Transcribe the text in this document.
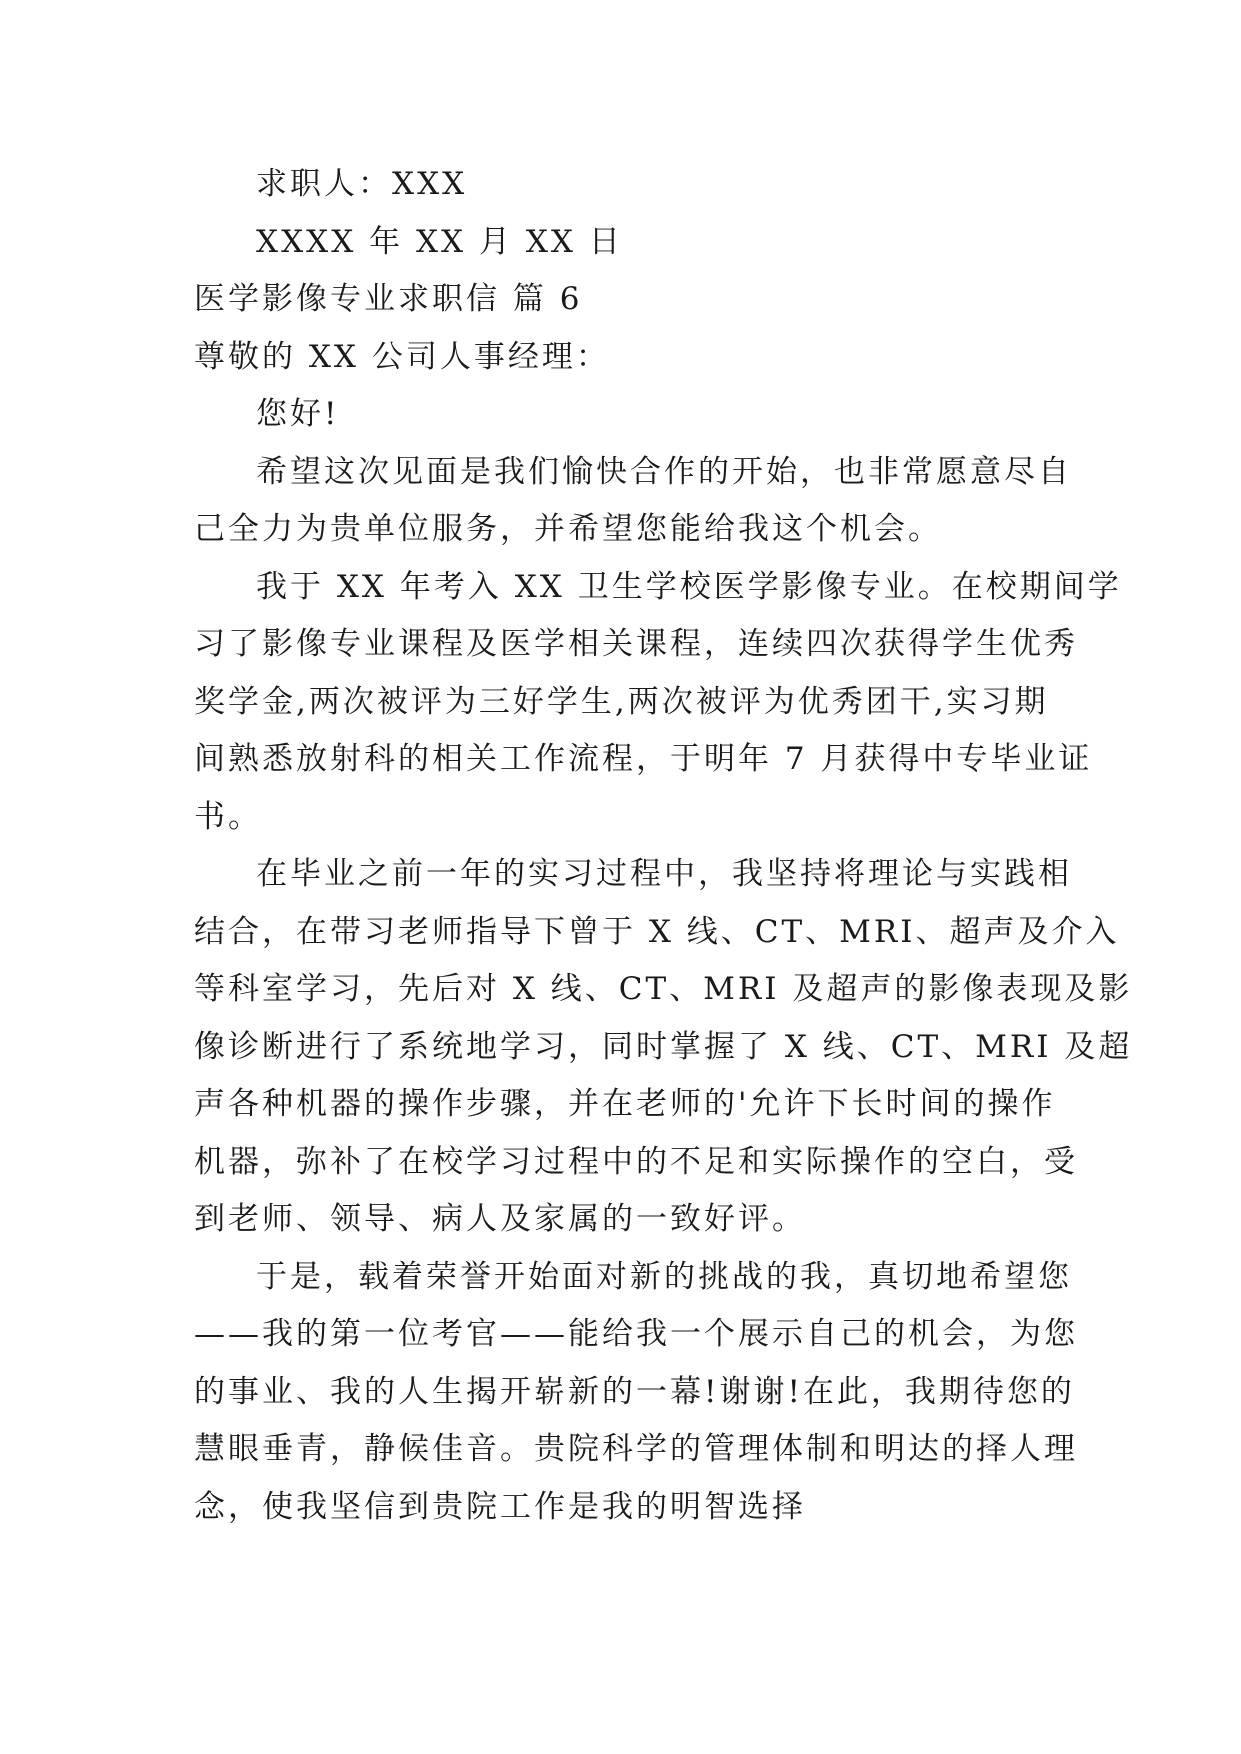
求职人：XXX
XXXX 年 XX 月 XX 日
医学影像专业求职信 篇 6
尊敬的 XX 公司人事经理：
您好!
希望这次见面是我们愉快合作的开始，也非常愿意尽自
己全力为贵单位服务，并希望您能给我这个机会。
我于 XX 年考入 XX 卫生学校医学影像专业。在校期间学
习了影像专业课程及医学相关课程，连续四次获得学生优秀
奖学金,两次被评为三好学生,两次被评为优秀团干,实习期
间熟悉放射科的相关工作流程，于明年 7 月获得中专毕业证
书。
在毕业之前一年的实习过程中，我坚持将理论与实践相
结合，在带习老师指导下曾于 X 线、CT、MRI、超声及介入
等科室学习，先后对 X 线、CT、MRI 及超声的影像表现及影
像诊断进行了系统地学习，同时掌握了 X 线、CT、MRI 及超
声各种机器的操作步骤，并在老师的'允许下长时间的操作
机器，弥补了在校学习过程中的不足和实际操作的空白，受
到老师、领导、病人及家属的一致好评。
于是，载着荣誉开始面对新的挑战的我，真切地希望您
——我的第一位考官——能给我一个展示自己的机会，为您
的事业、我的人生揭开崭新的一幕!谢谢!在此，我期待您的
慧眼垂青，静候佳音。贵院科学的管理体制和明达的择人理
念，使我坚信到贵院工作是我的明智选择
